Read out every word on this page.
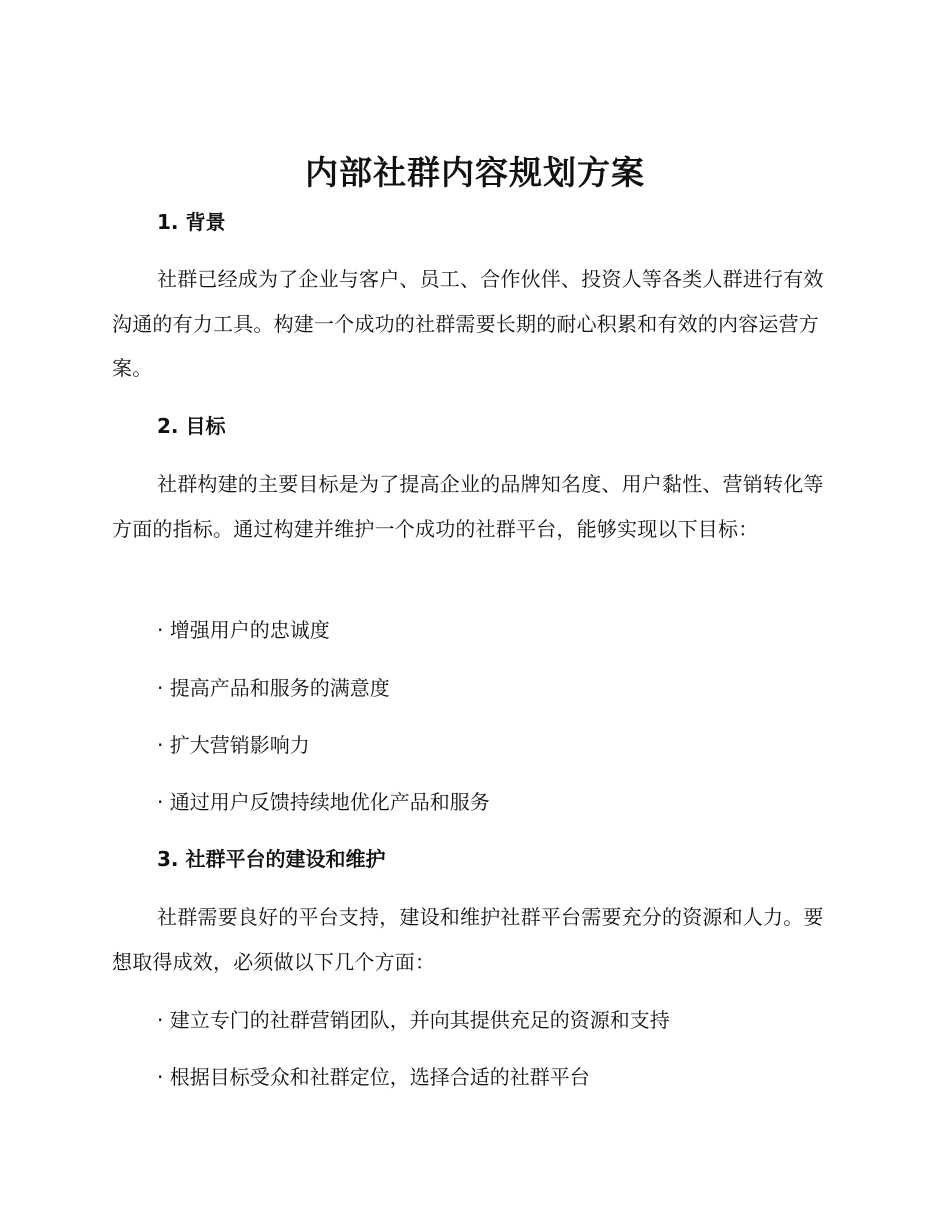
内部社群内容规划方案
1. 背景

社群已经成为了企业与客户、员工、合作伙伴、投资人等各类人群进行有效沟通的有力工具。构建一个成功的社群需要长期的耐心积累和有效的内容运营方案。

2. 目标

社群构建的主要目标是为了提高企业的品牌知名度、用户黏性、营销转化等方面的指标。通过构建并维护一个成功的社群平台，能够实现以下目标：

· 增强用户的忠诚度

· 提高产品和服务的满意度

· 扩大营销影响力

· 通过用户反馈持续地优化产品和服务

3. 社群平台的建设和维护

社群需要良好的平台支持，建设和维护社群平台需要充分的资源和人力。要想取得成效，必须做以下几个方面：

· 建立专门的社群营销团队，并向其提供充足的资源和支持

· 根据目标受众和社群定位，选择合适的社群平台
